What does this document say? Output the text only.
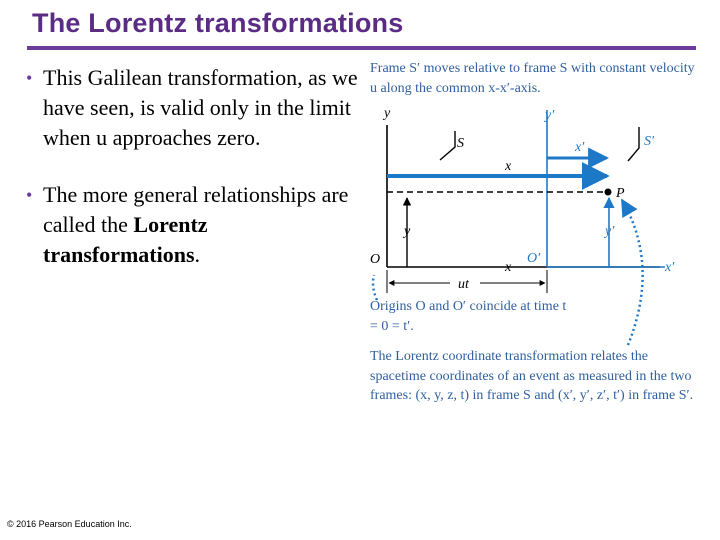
The Lorentz transformations
• This Galilean transformation, as we have seen, is valid only in the limit when u approaches zero.
• The more general relationships are called the Lorentz transformations.
Frame S′ moves relative to frame S with constant velocity u along the common x-x′-axis.
y
x
O
y′
x′
O′
S	S′
x′
x
P
y	y′
ut
Origins O and O′ coincide at time t = 0 = t′.
The Lorentz coordinate transformation relates the spacetime coordinates of an event as measured in the two frames: (x, y, z, t) in frame S and (x′, y′, z′, t′) in frame S′.
© 2016 Pearson Education Inc.
